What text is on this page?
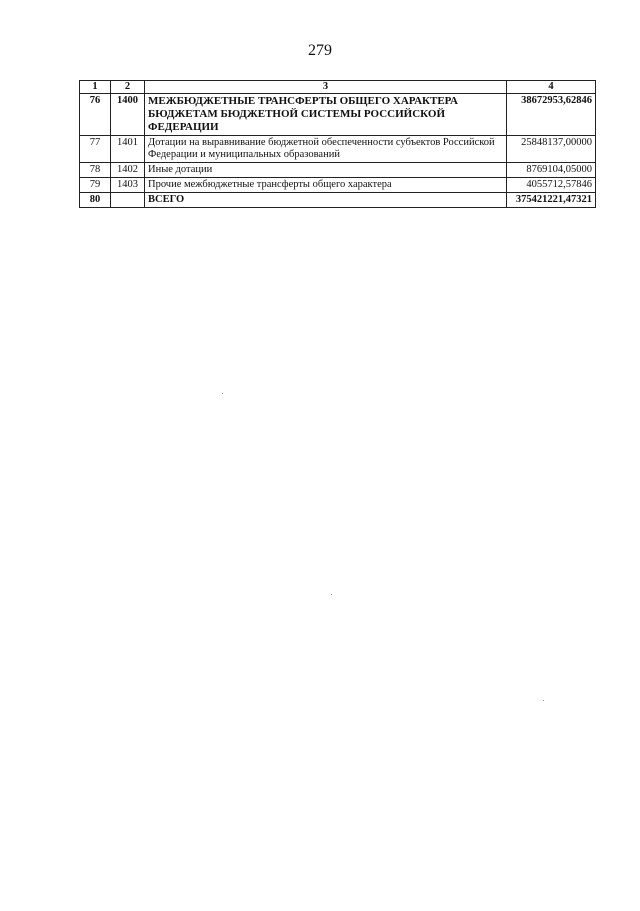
279
1	2	3	4
76	1400	МЕЖБЮДЖЕТНЫЕ ТРАНСФЕРТЫ ОБЩЕГО ХАРАКТЕРА БЮДЖЕТАМ БЮДЖЕТНОЙ СИСТЕМЫ РОССИЙСКОЙ ФЕДЕРАЦИИ	38672953,62846
77	1401	Дотации на выравнивание бюджетной обеспеченности субъектов Российской Федерации и муниципальных образований	25848137,00000
78	1402	Иные дотации	8769104,05000
79	1403	Прочие межбюджетные трансферты общего характера	4055712,57846
80		ВСЕГО	375421221,47321
